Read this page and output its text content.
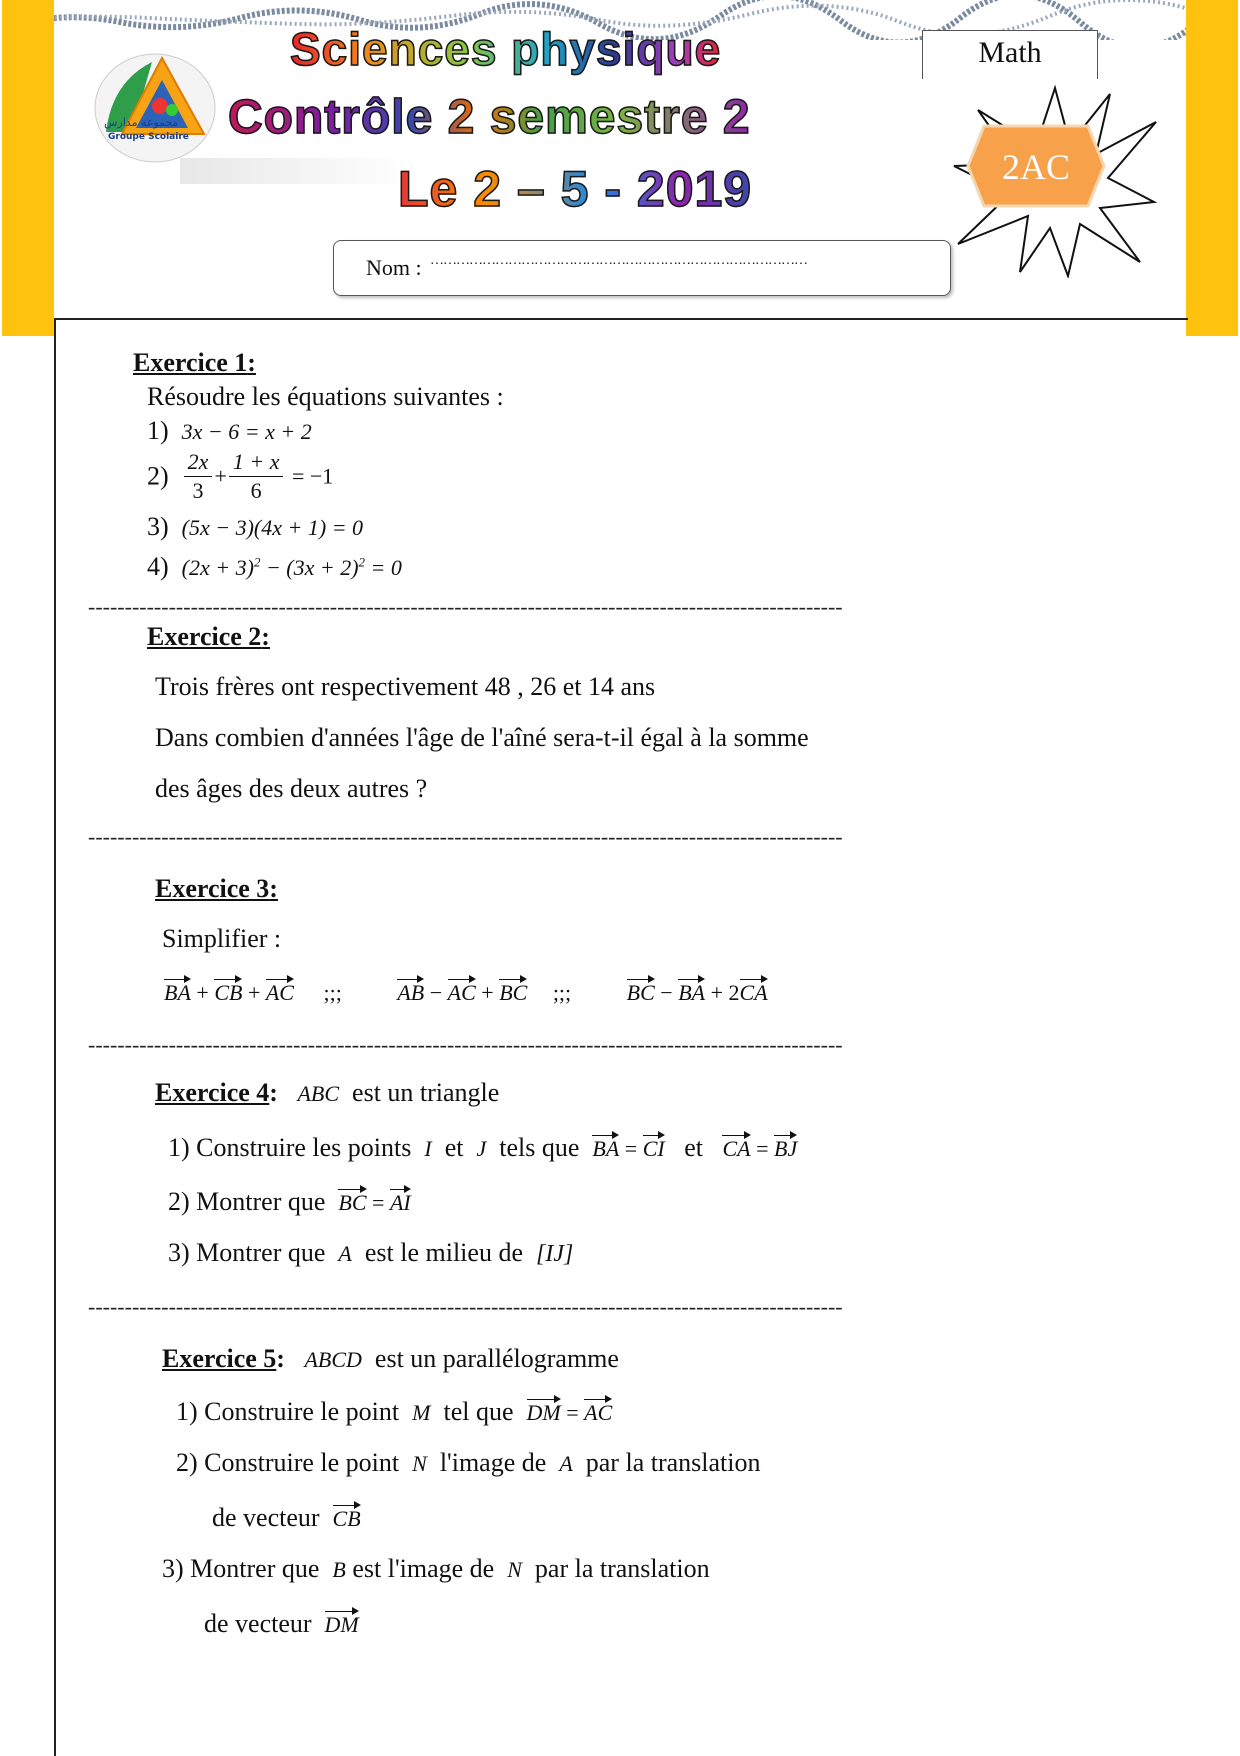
مجموعة مدارس
Groupe Scolaire
Sciences physique
Contrôle 2 semestre 2
Le 2 – 5 - 2019
Math
2AC
Nom : ……………………………………………………………………………
Exercice 1:
Résoudre les équations suivantes :
1) 3x − 6 = x + 2
$2) \frac{2x}{3} + \frac{1 + x}{6} = -1$
3) (5x − 3)(4x + 1) = 0
4) $(2x + 3)^2 - (3x + 2)^2 = 0$
-------------------------------------------------------------------------------------------------------
Exercice 2:
Trois frères ont respectivement 48 , 26 et 14 ans
Dans combien d'années l'âge de l'aîné sera-t-il égal à la somme
des âges des deux autres ?
-------------------------------------------------------------------------------------------------------
Exercice 3:
Simplifier :
BA + CB + AC ;;;	AB − AC + BC ;;;	BC − BA + 2CA
-------------------------------------------------------------------------------------------------------
Exercice 4: ABC est un triangle
1) Construire les points I et J tels que BA = CI et CA = BJ
2) Montrer que BC = AI
3) Montrer que A est le milieu de [IJ]
-------------------------------------------------------------------------------------------------------
Exercice 5: ABCD est un parallélogramme
1) Construire le point M tel que DM = AC
2) Construire le point N l'image de A par la translation
de vecteur CB
3) Montrer que B est l'image de N par la translation
de vecteur DM
